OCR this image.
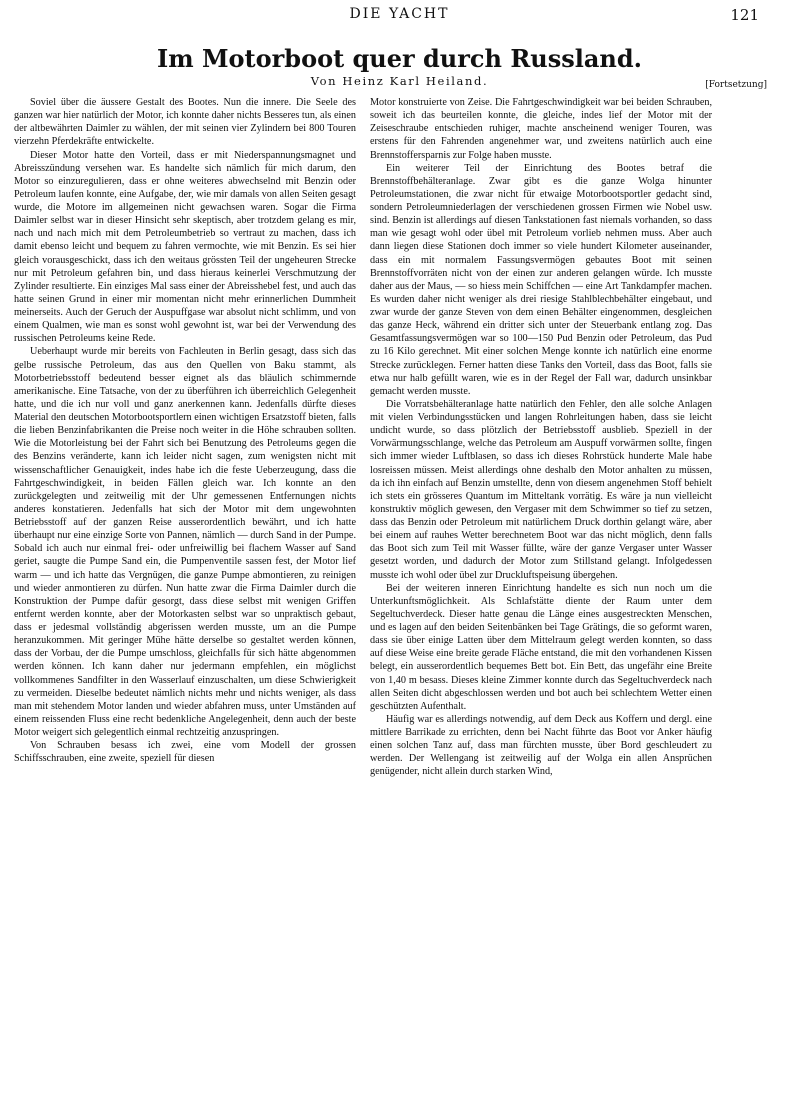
DIE YACHT	121
Im Motorboot quer durch Russland.
Von Heinz Karl Heiland.	[Fortsetzung]

Soviel über die äussere Gestalt des Bootes. Nun die innere. Die Seele des ganzen war hier natürlich der Motor, ich konnte daher nichts Besseres tun, als einen der altbewährten Daimler zu wählen, der mit seinen vier Zylindern bei 800 Touren vierzehn Pferdekräfte entwickelte.

Dieser Motor hatte den Vorteil, dass er mit Niederspannungsmagnet und Abreisszündung versehen war. Es handelte sich nämlich für mich darum, den Motor so einzuregulieren, dass er ohne weiteres abwechselnd mit Benzin oder Petroleum laufen konnte, eine Aufgabe, der, wie mir damals von allen Seiten gesagt wurde, die Motore im allgemeinen nicht gewachsen waren. Sogar die Firma Daimler selbst war in dieser Hinsicht sehr skeptisch, aber trotzdem gelang es mir, nach und nach mich mit dem Petroleumbetrieb so vertraut zu machen, dass ich damit ebenso leicht und bequem zu fahren vermochte, wie mit Benzin. Es sei hier gleich vorausgeschickt, dass ich den weitaus grössten Teil der ungeheuren Strecke nur mit Petroleum gefahren bin, und dass hieraus keinerlei Verschmutzung der Zylinder resultierte. Ein einziges Mal sass einer der Abreisshebel fest, und auch das hatte seinen Grund in einer mir momentan nicht mehr erinnerlichen Dummheit meinerseits. Auch der Geruch der Auspuffgase war absolut nicht schlimm, und von einem Qualmen, wie man es sonst wohl gewohnt ist, war bei der Verwendung des russischen Petroleums keine Rede.

Ueberhaupt wurde mir bereits von Fachleuten in Berlin gesagt, dass sich das gelbe russische Petroleum, das aus den Quellen von Baku stammt, als Motorbetriebsstoff bedeutend besser eignet als das bläulich schimmernde amerikanische. Eine Tatsache, von der zu überführen ich überreichlich Gelegenheit hatte, und die ich nur voll und ganz anerkennen kann. Jedenfalls dürfte dieses Material den deutschen Motorbootsportlern einen wichtigen Ersatzstoff bieten, falls die lieben Benzinfabrikanten die Preise noch weiter in die Höhe schrauben sollten. Wie die Motorleistung bei der Fahrt sich bei Benutzung des Petroleums gegen die des Benzins veränderte, kann ich leider nicht sagen, zum wenigsten nicht mit wissenschaftlicher Genauigkeit, indes habe ich die feste Ueberzeugung, dass die Fahrtgeschwindigkeit, in beiden Fällen gleich war. Ich konnte an den zurückgelegten und zeitweilig mit der Uhr gemessenen Entfernungen nichts anderes konstatieren. Jedenfalls hat sich der Motor mit dem ungewohnten Betriebsstoff auf der ganzen Reise ausserordentlich bewährt, und ich hatte überhaupt nur eine einzige Sorte von Pannen, nämlich — durch Sand in der Pumpe. Sobald ich auch nur einmal frei- oder unfreiwillig bei flachem Wasser auf Sand geriet, saugte die Pumpe Sand ein, die Pumpenventile sassen fest, der Motor lief warm — und ich hatte das Vergnügen, die ganze Pumpe abmontieren, zu reinigen und wieder anmontieren zu dürfen. Nun hatte zwar die Firma Daimler durch die Konstruktion der Pumpe dafür gesorgt, dass diese selbst mit wenigen Griffen entfernt werden konnte, aber der Motorkasten selbst war so unpraktisch gebaut, dass er jedesmal vollständig abgerissen werden musste, um an die Pumpe heranzukommen. Mit geringer Mühe hätte derselbe so gestaltet werden können, dass der Vorbau, der die Pumpe umschloss, gleichfalls für sich hätte abgenommen werden können. Ich kann daher nur jedermann empfehlen, ein möglichst vollkommenes Sandfilter in den Wasserlauf einzuschalten, um diese Schwierigkeit zu vermeiden. Dieselbe bedeutet nämlich nichts mehr und nichts weniger, als dass man mit stehendem Motor landen und wieder abfahren muss, unter Umständen auf einem reissenden Fluss eine recht bedenkliche Angelegenheit, denn auch der beste Motor weigert sich gelegentlich einmal rechtzeitig anzuspringen.

Von Schrauben besass ich zwei, eine vom Modell der grossen Schiffsschrauben, eine zweite, speziell für diesen

Motor konstruierte von Zeise. Die Fahrtgeschwindigkeit war bei beiden Schrauben, soweit ich das beurteilen konnte, die gleiche, indes lief der Motor mit der Zeiseschraube entschieden ruhiger, machte anscheinend weniger Touren, was erstens für den Fahrenden angenehmer war, und zweitens natürlich auch eine Brennstoffersparnis zur Folge haben musste.

Ein weiterer Teil der Einrichtung des Bootes betraf die Brennstoffbehälteranlage. Zwar gibt es die ganze Wolga hinunter Petroleumstationen, die zwar nicht für etwaige Motorbootsportler gedacht sind, sondern Petroleumniederlagen der verschiedenen grossen Firmen wie Nobel usw. sind. Benzin ist allerdings auf diesen Tankstationen fast niemals vorhanden, so dass man wie gesagt wohl oder übel mit Petroleum vorlieb nehmen muss. Aber auch dann liegen diese Stationen doch immer so viele hundert Kilometer auseinander, dass ein mit normalem Fassungsvermögen gebautes Boot mit seinen Brennstoffvorräten nicht von der einen zur anderen gelangen würde. Ich musste daher aus der Maus, — so hiess mein Schiffchen — eine Art Tankdampfer machen. Es wurden daher nicht weniger als drei riesige Stahlblechbehälter eingebaut, und zwar wurde der ganze Steven von dem einen Behälter eingenommen, desgleichen das ganze Heck, während ein dritter sich unter der Steuerbank entlang zog. Das Gesamtfassungsvermögen war so 100—150 Pud Benzin oder Petroleum, das Pud zu 16 Kilo gerechnet. Mit einer solchen Menge konnte ich natürlich eine enorme Strecke zurücklegen. Ferner hatten diese Tanks den Vorteil, dass das Boot, falls sie etwa nur halb gefüllt waren, wie es in der Regel der Fall war, dadurch unsinkbar gemacht werden musste.

Die Vorratsbehälteranlage hatte natürlich den Fehler, den alle solche Anlagen mit vielen Verbindungsstücken und langen Rohrleitungen haben, dass sie leicht undicht wurde, so dass plötzlich der Betriebsstoff ausblieb. Speziell in der Vorwärmungsschlange, welche das Petroleum am Auspuff vorwärmen sollte, fingen sich immer wieder Luftblasen, so dass ich dieses Rohrstück hunderte Male habe losreissen müssen. Meist allerdings ohne deshalb den Motor anhalten zu müssen, da ich ihn einfach auf Benzin umstellte, denn von diesem angenehmen Stoff behielt ich stets ein grösseres Quantum im Mitteltank vorrätig. Es wäre ja nun vielleicht konstruktiv möglich gewesen, den Vergaser mit dem Schwimmer so tief zu setzen, dass das Benzin oder Petroleum mit natürlichem Druck dorthin gelangt wäre, aber bei einem auf rauhes Wetter berechnetem Boot war das nicht möglich, denn falls das Boot sich zum Teil mit Wasser füllte, wäre der ganze Vergaser unter Wasser gesetzt worden, und dadurch der Motor zum Stillstand gelangt. Infolgedessen musste ich wohl oder übel zur Druckluftspeisung übergehen.

Bei der weiteren inneren Einrichtung handelte es sich nun noch um die Unterkunftsmöglichkeit. Als Schlafstätte diente der Raum unter dem Segeltuchverdeck. Dieser hatte genau die Länge eines ausgestreckten Menschen, und es lagen auf den beiden Seitenbänken bei Tage Grätings, die so geformt waren, dass sie über einige Latten über dem Mittelraum gelegt werden konnten, so dass auf diese Weise eine breite gerade Fläche entstand, die mit den vorhandenen Kissen belegt, ein ausserordentlich bequemes Bett bot. Ein Bett, das ungefähr eine Breite von 1,40 m besass. Dieses kleine Zimmer konnte durch das Segeltuchverdeck nach allen Seiten dicht abgeschlossen werden und bot auch bei schlechtem Wetter einen geschützten Aufenthalt.

Häufig war es allerdings notwendig, auf dem Deck aus Koffern und dergl. eine mittlere Barrikade zu errichten, denn bei Nacht führte das Boot vor Anker häufig einen solchen Tanz auf, dass man fürchten musste, über Bord geschleudert zu werden. Der Wellengang ist zeitweilig auf der Wolga ein allen Ansprüchen genügender, nicht allein durch starken Wind,
